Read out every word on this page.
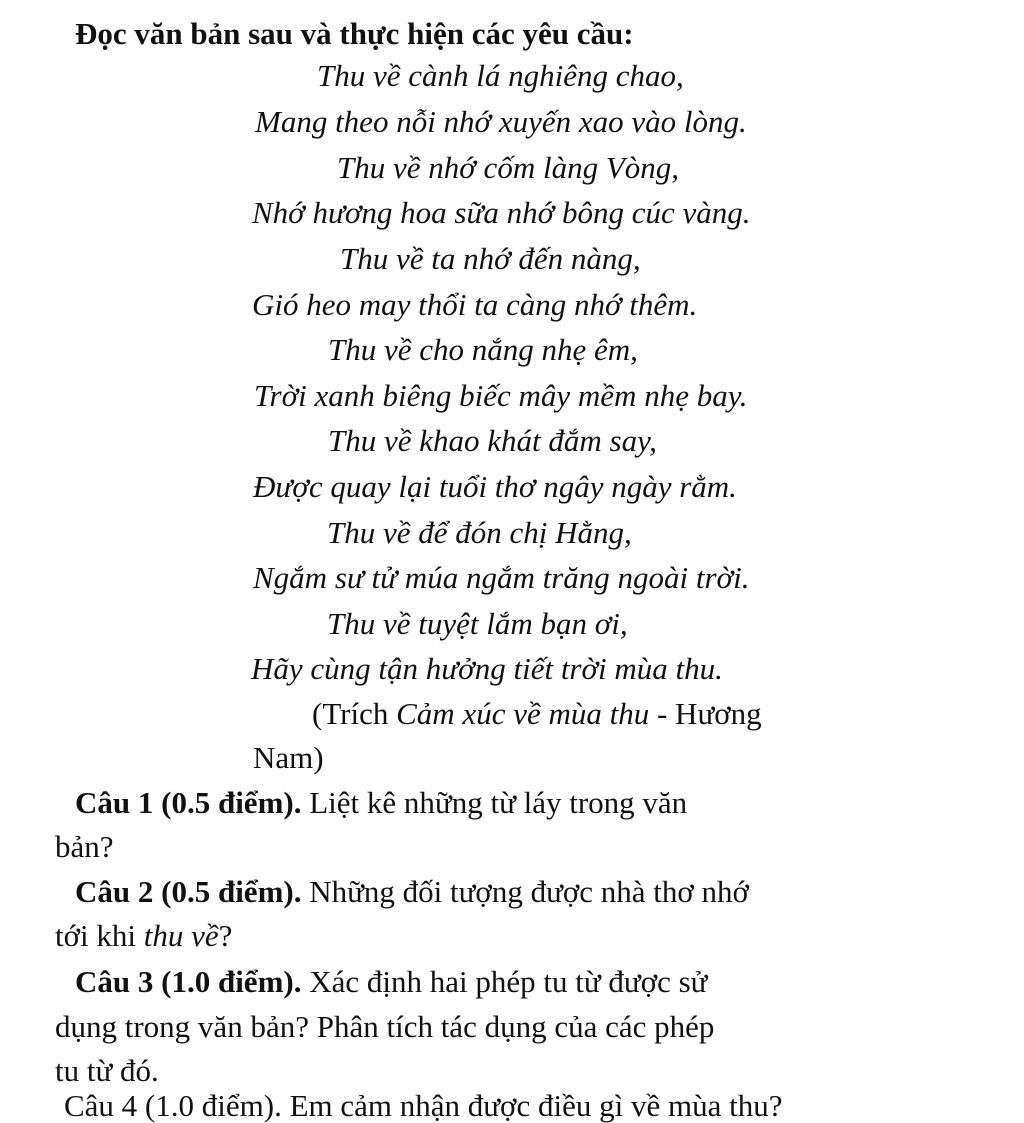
Đọc văn bản sau và thực hiện các yêu cầu:
Thu về cành lá nghiêng chao,
Mang theo nỗi nhớ xuyến xao vào lòng.
Thu về nhớ cốm làng Vòng,
Nhớ hương hoa sữa nhớ bông cúc vàng.
Thu về ta nhớ đến nàng,
Gió heo may thổi ta càng nhớ thêm.
Thu về cho nắng nhẹ êm,
Trời xanh biêng biếc mây mềm nhẹ bay.
Thu về khao khát đắm say,
Được quay lại tuổi thơ ngây ngày rằm.
Thu về để đón chị Hằng,
Ngắm sư tử múa ngắm trăng ngoài trời.
Thu về tuyệt lắm bạn ơi,
Hãy cùng tận hưởng tiết trời mùa thu.
(Trích Cảm xúc về mùa thu - Hương
Nam)
Câu 1 (0.5 điểm). Liệt kê những từ láy trong văn
bản?
Câu 2 (0.5 điểm). Những đối tượng được nhà thơ nhớ
tới khi thu về?
Câu 3 (1.0 điểm). Xác định hai phép tu từ được sử
dụng trong văn bản? Phân tích tác dụng của các phép
tu từ đó.
Câu 4 (1.0 điểm). Em cảm nhận được điều gì về mùa thu?
